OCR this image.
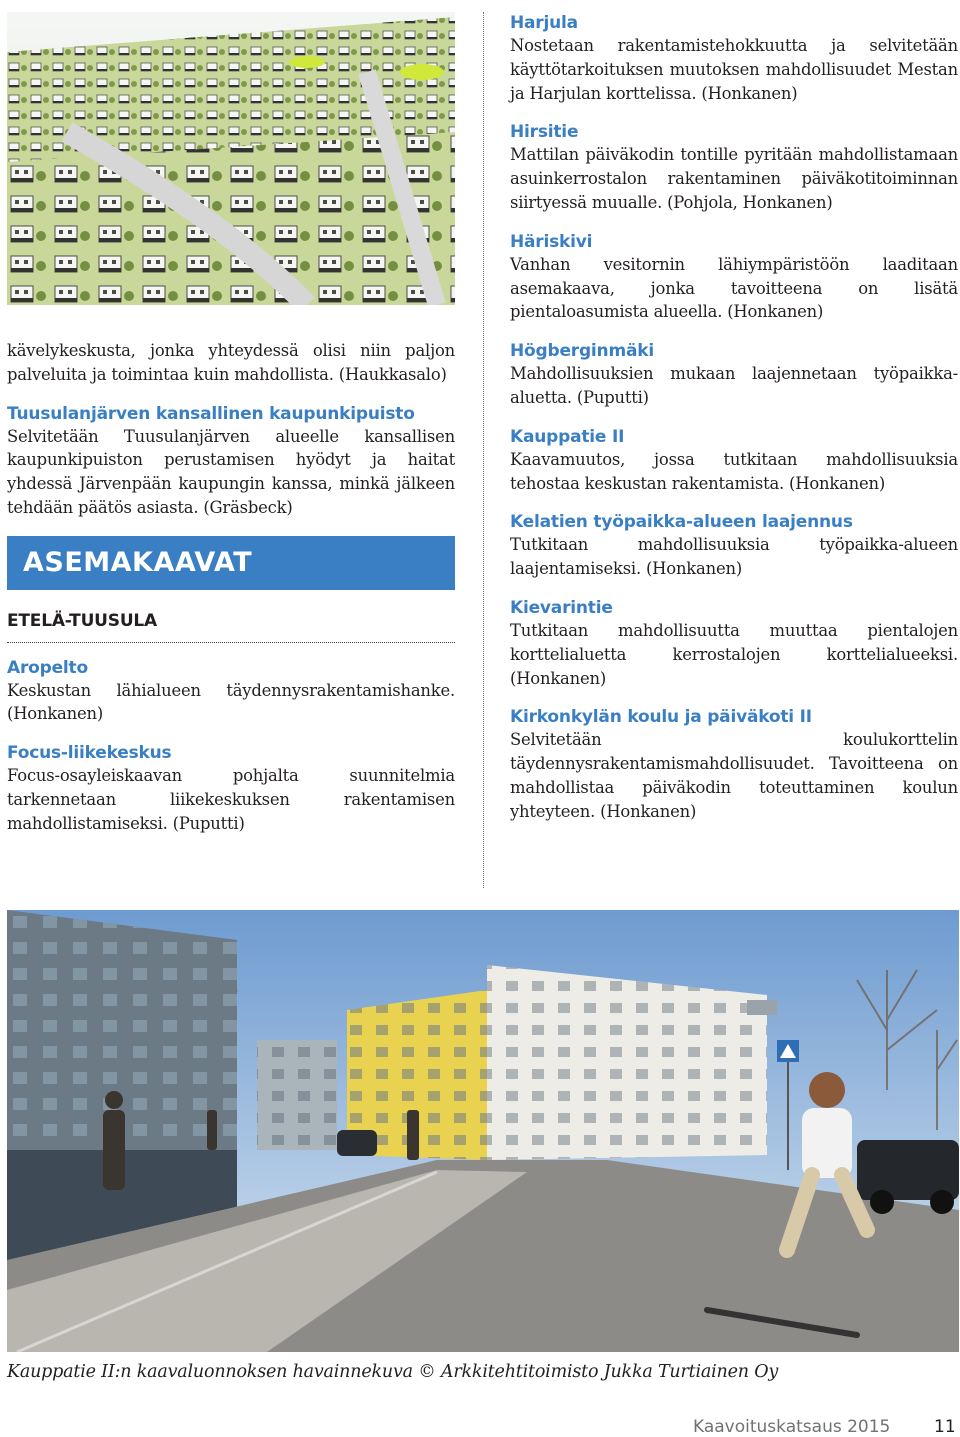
kävelykeskusta, jonka yhteydessä olisi niin paljon palveluita ja toimintaa kuin mahdollista. (Haukkasalo)

Tuusulanjärven kansallinen kaupunkipuisto

Selvitetään Tuusulanjärven alueelle kansallisen kaupunkipuiston perustamisen hyödyt ja haitat yhdessä Järvenpään kaupungin kanssa, minkä jälkeen tehdään päätös asiasta. (Gräsbeck)

ASEMAKAAVAT
ETELÄ-TUUSULA
Aropelto

Keskustan lähialueen täydennysrakentamishanke. (Honkanen)

Focus-liikekeskus

Focus-osayleiskaavan pohjalta suunnitelmia tarkennetaan liikekeskuksen rakentamisen mahdollistamiseksi. (Puputti)

Harjula

Nostetaan rakentamistehokkuutta ja selvitetään käyttötarkoituksen muutoksen mahdollisuudet Mestan ja Harjulan korttelissa. (Honkanen)

Hirsitie

Mattilan päiväkodin tontille pyritään mahdollistamaan asuinkerrostalon rakentaminen päiväkotitoiminnan siirtyessä muualle. (Pohjola, Honkanen)

Häriskivi

Vanhan vesitornin lähiympäristöön laaditaan asemakaava, jonka tavoitteena on lisätä pientaloasumista alueella. (Honkanen)

Högberginmäki

Mahdollisuuksien mukaan laajennetaan työpaikka-aluetta. (Puputti)

Kauppatie II

Kaavamuutos, jossa tutkitaan mahdollisuuksia tehostaa keskustan rakentamista. (Honkanen)

Kelatien työpaikka-alueen laajennus

Tutkitaan mahdollisuuksia työpaikka-alueen laajentamiseksi. (Honkanen)

Kievarintie

Tutkitaan mahdollisuutta muuttaa pientalojen korttelialuetta kerrostalojen korttelialueeksi. (Honkanen)

Kirkonkylän koulu ja päiväkoti II

Selvitetään koulukorttelin täydennysrakentamismahdollisuudet. Tavoitteena on mahdollistaa päiväkodin toteuttaminen koulun yhteyteen. (Honkanen)

Kauppatie II:n kaavaluonnoksen havainnekuva © Arkkitehtitoimisto Jukka Turtiainen Oy
Kaavoituskatsaus 2015	11
